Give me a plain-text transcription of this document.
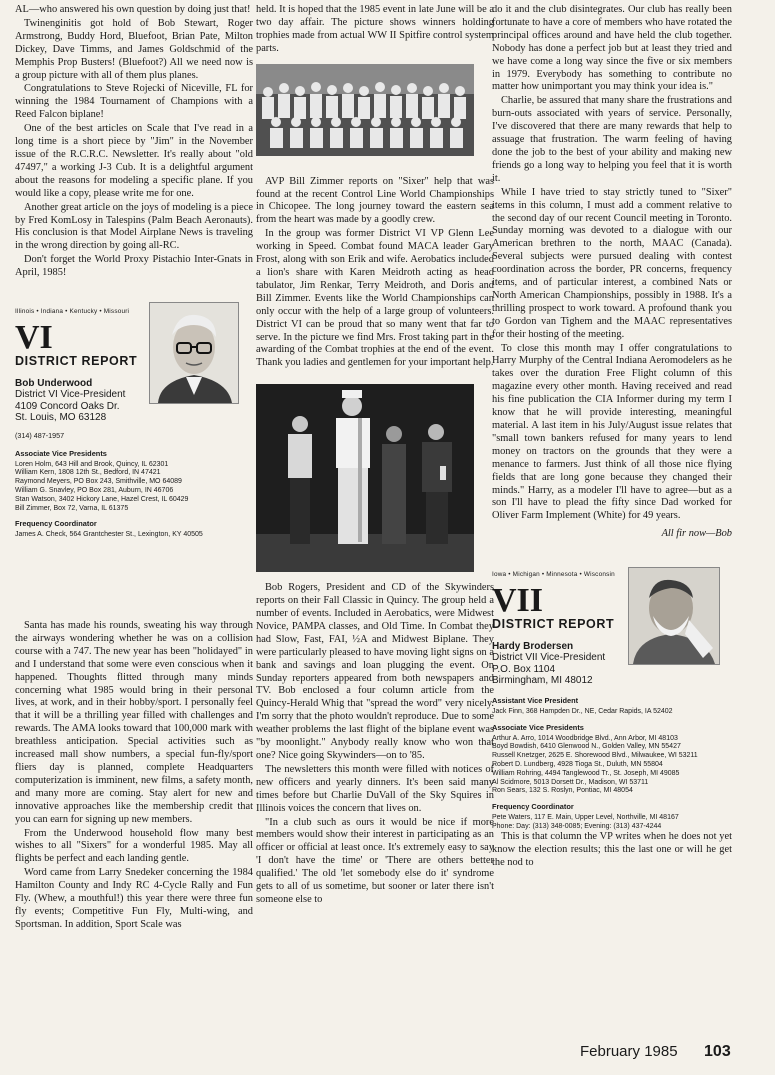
AL—who answered his own question by doing just that!

Twinenginitis got hold of Bob Stewart, Roger Armstrong, Buddy Hord, Bluefoot, Brian Pate, Milton Dickey, Dave Timms, and James Goldschmid of the Memphis Prop Busters! (Bluefoot?) All we need now is a group picture with all of them plus planes.

Congratulations to Steve Rojecki of Niceville, FL for winning the 1984 Tournament of Champions with a Reed Falcon biplane!

One of the best articles on Scale that I've read in a long time is a short piece by "Jim" in the November issue of the R.C.R.C. Newsletter. It's really about "old 47497," a working J-3 Cub. It is a delightful argument about the reasons for modeling a specific plane. If you would like a copy, please write me for one.

Another great article on the joys of modeling is a piece by Fred KomLosy in Talespins (Palm Beach Aeronauts). His conclusion is that Model Airplane News is traveling in the wrong direction by going all-RC.

Don't forget the World Proxy Pistachio Inter-Gnats in April, 1985!

Illinois • Indiana • Kentucky • Missouri
VI
DISTRICT REPORT
Bob Underwood
District VI Vice-President
4109 Concord Oaks Dr.
St. Louis, MO 63128
(314) 487-1957
Associate Vice Presidents
Loren Holm, 643 Hill and Brook, Quincy, IL 62301
William Kern, 1808 12th St., Bedford, IN 47421
Raymond Meyers, PO Box 243, Smithville, MO 64089
William G. Snavley, PO Box 281, Auburn, IN 46706
Stan Watson, 3402 Hickory Lane, Hazel Crest, IL 60429
Bill Zimmer, Box 72, Varna, IL 61375
Frequency Coordinator
James A. Check, 564 Grantchester St., Lexington, KY 40505

Santa has made his rounds, sweating his way through the airways wondering whether he was on a collision course with a 747. The new year has been "holidayed" in and I understand that some were even conscious when it happened. Thoughts flitted through many minds concerning what 1985 would bring in their personal lives, at work, and in their hobby/sport. I personally feel that it will be a thrilling year filled with challenges and rewards. The AMA looks toward that 100,000 mark with breathless anticipation. Special activities such as increased mall show numbers, a special fun-fly/sport fliers day is planned, complete Headquarters computerization is imminent, new films, a safety month, and many more are coming. Stay alert for new and innovative approaches like the membership credit that you can earn for signing up new members.

From the Underwood household flow many best wishes to all "Sixers" for a wonderful 1985. May all flights be perfect and each landing gentle.

Word came from Larry Snedeker concerning the 1984 Hamilton County and Indy RC 4-Cycle Rally and Fun Fly. (Whew, a mouthful!) this year there were three fun fly events; Competitive Fun Fly, Multi-wing, and Sportsman. In addition, Sport Scale was

held. It is hoped that the 1985 event in late June will be a two day affair. The picture shows winners holding trophies made from actual WW II Spitfire control system parts.

AVP Bill Zimmer reports on "Sixer" help that was found at the recent Control Line World Championships in Chicopee. The long journey toward the eastern sea from the heart was made by a goodly crew.

In the group was former District VI VP Glenn Lee working in Speed. Combat found MACA leader Gary Frost, along with son Erik and wife. Aerobatics included a lion's share with Karen Meidroth acting as head tabulator, Jim Renkar, Terry Meidroth, and Doris and Bill Zimmer. Events like the World Championships can only occur with the help of a large group of volunteers. District VI can be proud that so many went that far to serve. In the picture we find Mrs. Frost taking part in the awarding of the Combat trophies at the end of the event. Thank you ladies and gentlemen for your important help.

Bob Rogers, President and CD of the Skywinders reports on their Fall Classic in Quincy. The group held a number of events. Included in Aerobatics, were Midwest Novice, PAMPA classes, and Old Time. In Combat they had Slow, Fast, FAI, ½A and Midwest Biplane. They were particularly pleased to have moving light signs on a bank and savings and loan plugging the event. On Sunday reporters appeared from both newspapers and TV. Bob enclosed a four column article from the Quincy-Herald Whig that "spread the word" very nicely. I'm sorry that the photo wouldn't reproduce. Due to some weather problems the last flight of the biplane event was "by moonlight." Anybody really know who won that one? Nice going Skywinders—on to '85.

The newsletters this month were filled with notices of new officers and yearly dinners. It's been said many times before but Charlie DuVall of the Sky Squires in Illinois voices the concern that lives on.

"In a club such as ours it would be nice if more members would show their interest in participating as an officer or official at least once. It's extremely easy to say 'I don't have the time' or 'There are others better qualified.' The old 'let somebody else do it' syndrome gets to all of us sometime, but sooner or later there isn't someone else to

do it and the club disintegrates. Our club has really been fortunate to have a core of members who have rotated the principal offices around and have held the club together. Nobody has done a perfect job but at least they tried and we have come a long way since the five or six members in 1979. Everybody has something to contribute no matter how unimportant you may think your idea is."

Charlie, be assured that many share the frustrations and burn-outs associated with years of service. Personally, I've discovered that there are many rewards that help to assuage that frustration. The warm feeling of having done the job to the best of your ability and making new friends go a long way to helping you feel that it is worth it.

While I have tried to stay strictly tuned to "Sixer" items in this column, I must add a comment relative to the second day of our recent Council meeting in Toronto. Sunday morning was devoted to a dialogue with our American brethren to the north, MAAC (Canada). Several subjects were pursued dealing with contest coordination across the border, PR concerns, frequency items, and of particular interest, a combined Nats or North American Championships, possibly in 1988. It's a thrilling prospect to work toward. A profound thank you to Gordon van Tighem and the MAAC representatives for their hosting of the meeting.

To close this month may I offer congratulations to Harry Murphy of the Central Indiana Aeromodelers as he takes over the duration Free Flight column of this magazine every other month. Having received and read his fine publication the CIA Informer during my term I know that he will provide interesting, meaningful material. A last item in his July/August issue relates that "small town bankers refused for many years to lend money on tractors on the grounds that they were a menance to farmers. Just think of all those nice flying fields that are long gone because they changed their minds." Harry, as a modeler I'll have to agree—but as a son I'll have to plead the fifty since Dad worked for Oliver Farm Implement (White) for 49 years.

All fir now—Bob
Iowa • Michigan • Minnesota • Wisconsin
VII
DISTRICT REPORT
Hardy Brodersen
District VII Vice-President
P.O. Box 1104
Birmingham, MI 48012
Assistant Vice President
Jack Finn, 368 Hampden Dr., NE, Cedar Rapids, IA 52402
Associate Vice Presidents
Arthur A. Arro, 1014 Woodbridge Blvd., Ann Arbor, MI 48103
Boyd Bowdish, 6410 Glenwood N., Golden Valley, MN 55427
Russell Knetzger, 2625 E. Shorewood Blvd., Milwaukee, WI 53211
Robert D. Lundberg, 4928 Tioga St., Duluth, MN 55804
William Rohring, 4494 Tanglewood Tr., St. Joseph, MI 49085
Al Scidmore, 5013 Dorsett Dr., Madison, WI 53711
Ron Sears, 132 S. Roslyn, Pontiac, MI 48054
Frequency Coordinator
Pete Waters, 117 E. Main, Upper Level, Northville, MI 48167
Phone: Day: (313) 348-0085; Evening: (313) 437-4244

This is that column the VP writes when he does not yet know the election results; this the last one or will he get the nod to

February 1985 103
